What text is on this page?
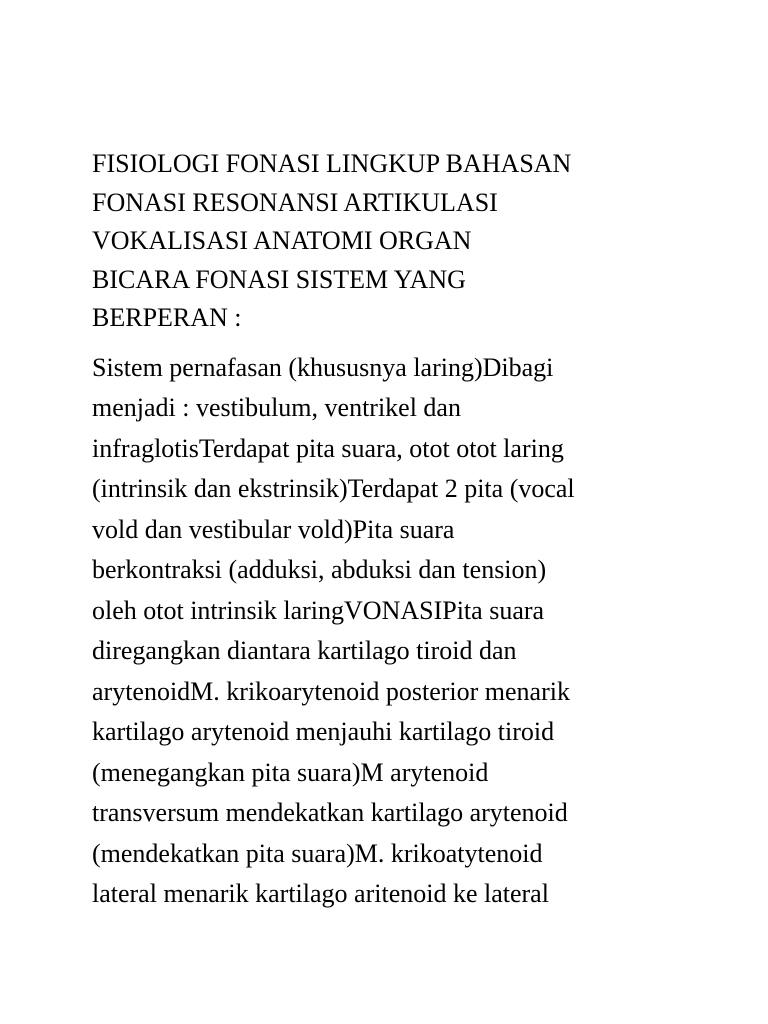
FISIOLOGI FONASI LINGKUP BAHASAN
FONASI RESONANSI ARTIKULASI
VOKALISASI ANATOMI ORGAN
BICARA FONASI SISTEM YANG
BERPERAN :

Sistem pernafasan (khususnya laring)Dibagi
menjadi : vestibulum, ventrikel dan
infraglotisTerdapat pita suara, otot otot laring
(intrinsik dan ekstrinsik)Terdapat 2 pita (vocal
vold dan vestibular vold)Pita suara
berkontraksi (adduksi, abduksi dan tension)
oleh otot intrinsik laringVONASIPita suara
diregangkan diantara kartilago tiroid dan
arytenoidM. krikoarytenoid posterior menarik
kartilago arytenoid menjauhi kartilago tiroid
(menegangkan pita suara)M arytenoid
transversum mendekatkan kartilago arytenoid
(mendekatkan pita suara)M. krikoatytenoid
lateral menarik kartilago aritenoid ke lateral
